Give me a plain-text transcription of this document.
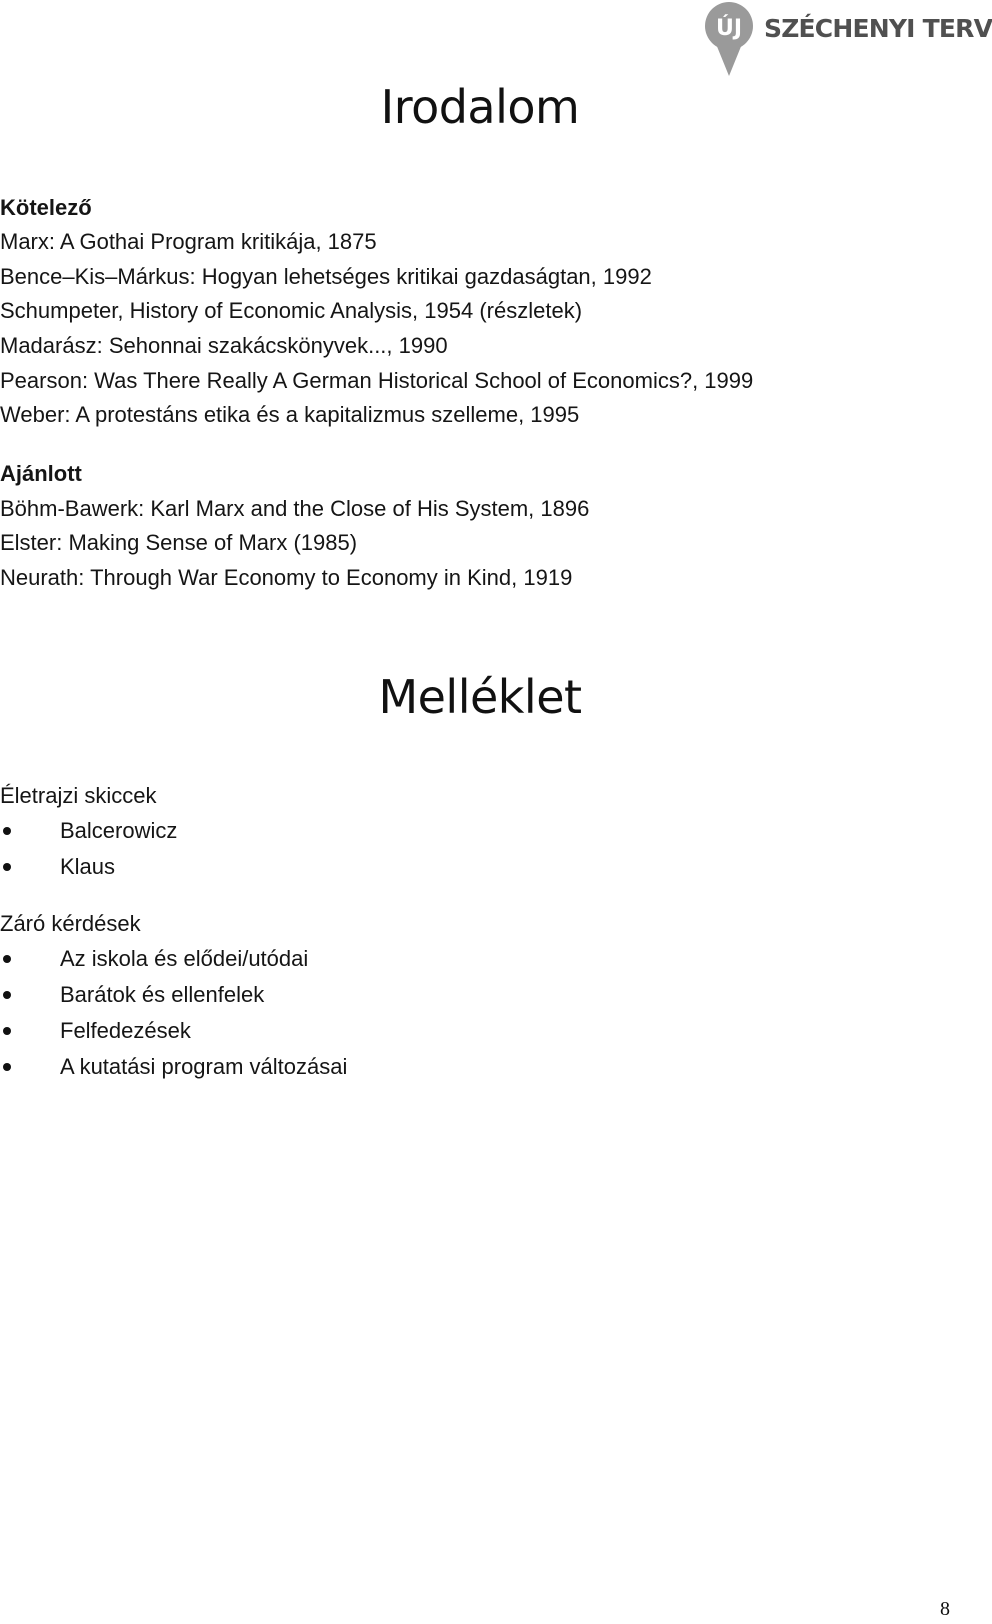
ÚJ SZÉCHENYI TERV
Irodalom
Kötelező
Marx: A Gothai Program kritikája, 1875
Bence–Kis–Márkus: Hogyan lehetséges kritikai gazdaságtan, 1992
Schumpeter, History of Economic Analysis, 1954 (részletek)
Madarász: Sehonnai szakácskönyvek..., 1990
Pearson: Was There Really A German Historical School of Economics?, 1999
Weber: A protestáns etika és a kapitalizmus szelleme, 1995
Ajánlott
Böhm-Bawerk: Karl Marx and the Close of His System, 1896
Elster: Making Sense of Marx (1985)
Neurath: Through War Economy to Economy in Kind, 1919
Melléklet
Életrajzi skiccek
Balcerowicz
Klaus
Záró kérdések
Az iskola és elődei/utódai
Barátok és ellenfelek
Felfedezések
A kutatási program változásai
8
